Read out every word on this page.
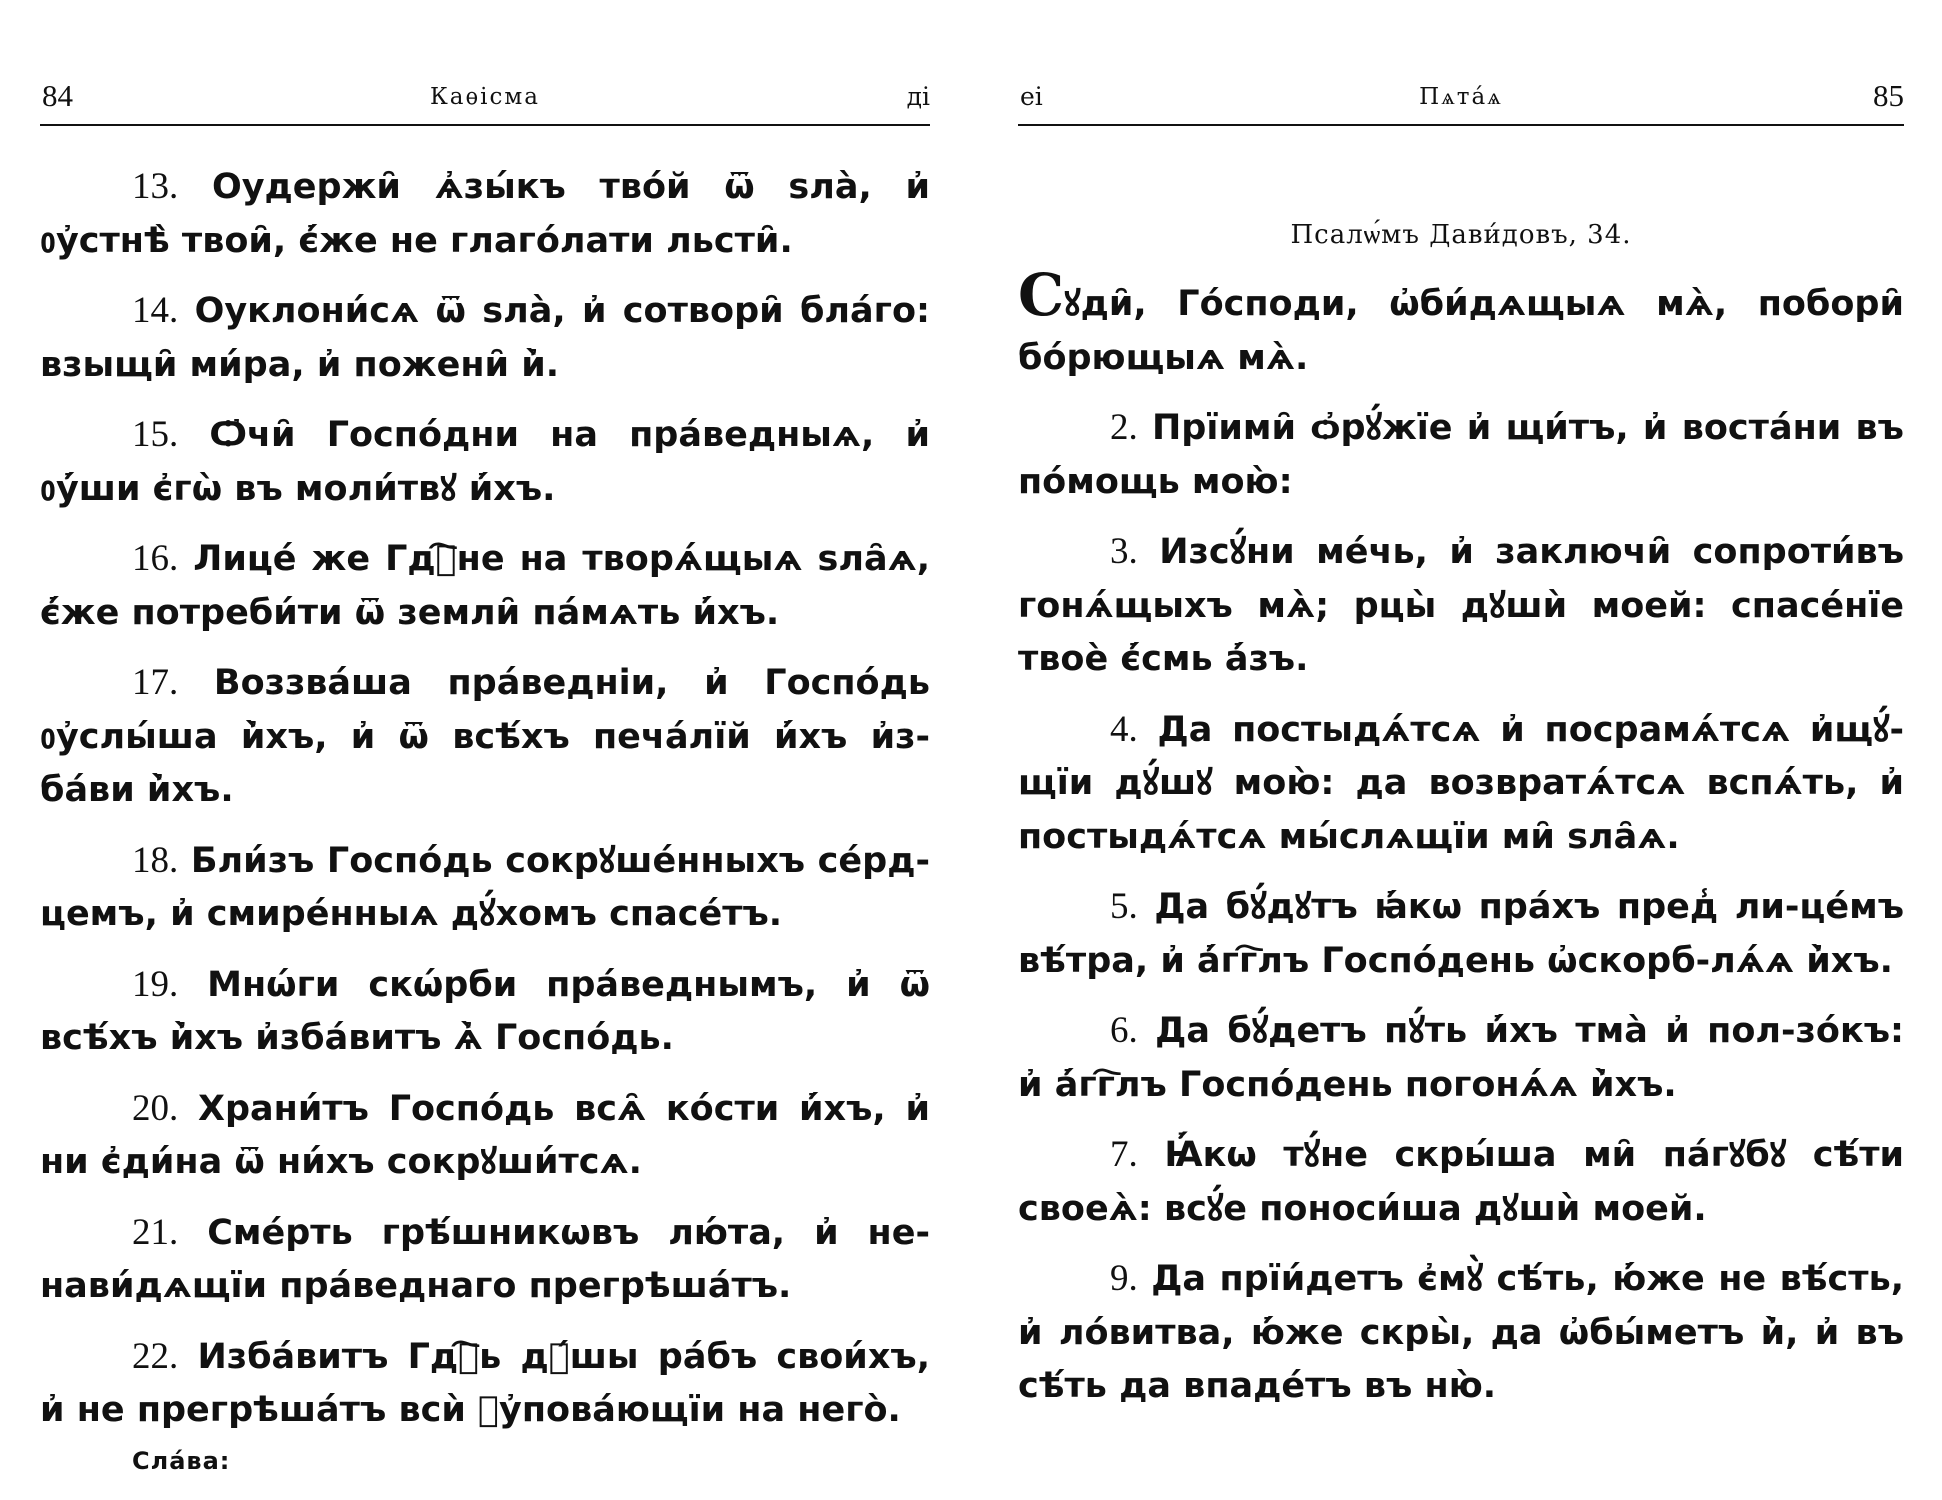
84	Каѳісма	ді

13. Оудержи̑ ѧ҆зы́къ тво́й ѿ ѕла̀, и҆ ᲂу҆стнѣ̀ твои̑, є҆́же не глаго́лати льсти̑.

14. Оуклони́сѧ ѿ ѕла̀, и҆ сотвори̑ бла́го: взыщи̑ ми́ра, и҆ пожени̑ и҆̀.

15. Ѻ҆чи̑ Госпо́дни на пра́ведныѧ, и҆ ᲂу҆́ши є҆гѡ̀ въ моли́твꙋ и҆́хъ.

16. Лице́ же Гдⷭ҇не на творѧ́щыѧ ѕла̑ѧ, є҆́же потреби́ти ѿ земли̑ па́мѧть и҆́хъ.

17. Воззва́ша пра́ведніи, и҆ Госпо́дь ᲂу҆слы́ша и҆̀хъ, и҆ ѿ всѣ́хъ печа́лїй и҆́хъ и҆з-ба́ви и҆̀хъ.

18. Бли́зъ Госпо́дь сокрꙋше́нныхъ се́рд-цемъ, и҆ смире́нныѧ дꙋ́хомъ спасе́тъ.

19. Мнѡ́ги скѡ́рби пра́веднымъ, и҆ ѿ всѣ́хъ и҆̀хъ и҆зба́витъ ѧ҆̀ Госпо́дь.

20. Храни́тъ Госпо́дь всѧ̑ ко́сти и҆́хъ, и҆ ни є҆ди́на ѿ ни́хъ сокрꙋши́тсѧ.

21. Сме́рть грѣ́шникѡвъ лю́та, и҆ не-нави́дѧщїи пра́веднаго прегрѣша́тъ.

22. Изба́витъ Гдⷭ҇ь дꙋ́шы ра́бъ свои́хъ, и҆ не прегрѣша́тъ всѝ ᲂу҆пова́ющїи на него̀.

Сла́ва:
еі	Пѧта́ѧ	85
Псалѡ́мъ Дави́довъ, 34.

Сꙋди̑, Го́споди, ѡ҆би́дѧщыѧ мѧ̀, побори̑ бо́рющыѧ мѧ̀.

2. Прїими̑ ѻ҆рꙋ́жїе и҆ щи́тъ, и҆ воста́ни въ по́мощь мою̀:

3. Изсꙋ́ни ме́чь, и҆ заключи̑ сопроти́въ гонѧ́щыхъ мѧ̀; рцы̀ дꙋшѝ моей: спасе́нїе твоѐ є҆́смь а҆́зъ.

4. Да постыдѧ́тсѧ и҆ посрамѧ́тсѧ и҆щꙋ́-щїи дꙋ́шꙋ мою̀: да возвратѧ́тсѧ вспѧ́ть, и҆ постыдѧ́тсѧ мы́слѧщїи ми̑ ѕла̑ѧ.

5. Да бꙋ́дꙋтъ ꙗ҆́кѡ пра́хъ пред̾ ли-це́мъ вѣ́тра, и҆ а҆́гг҇лъ Госпо́день ѡ҆скорб-лѧ́ѧ и҆̀хъ.

6. Да бꙋ́детъ пꙋ́ть и҆́хъ тма̀ и҆ пол-зо́къ: и҆ а҆́гг҇лъ Госпо́день погонѧ́ѧ и҆̀хъ.

7. Ꙗ҆́кѡ тꙋ́не скры́ша ми̑ па́гꙋбꙋ сѣ́ти своеѧ̀: всꙋ́е поноси́ша дꙋшѝ моей.

9. Да прїи́детъ є҆мꙋ̀ сѣ́ть, ю҆́же не вѣ́сть, и҆ ло́витва, ю҆́же скры̀, да ѡ҆бы́метъ и҆̀, и҆ въ сѣ́ть да впаде́тъ въ ню̀.
